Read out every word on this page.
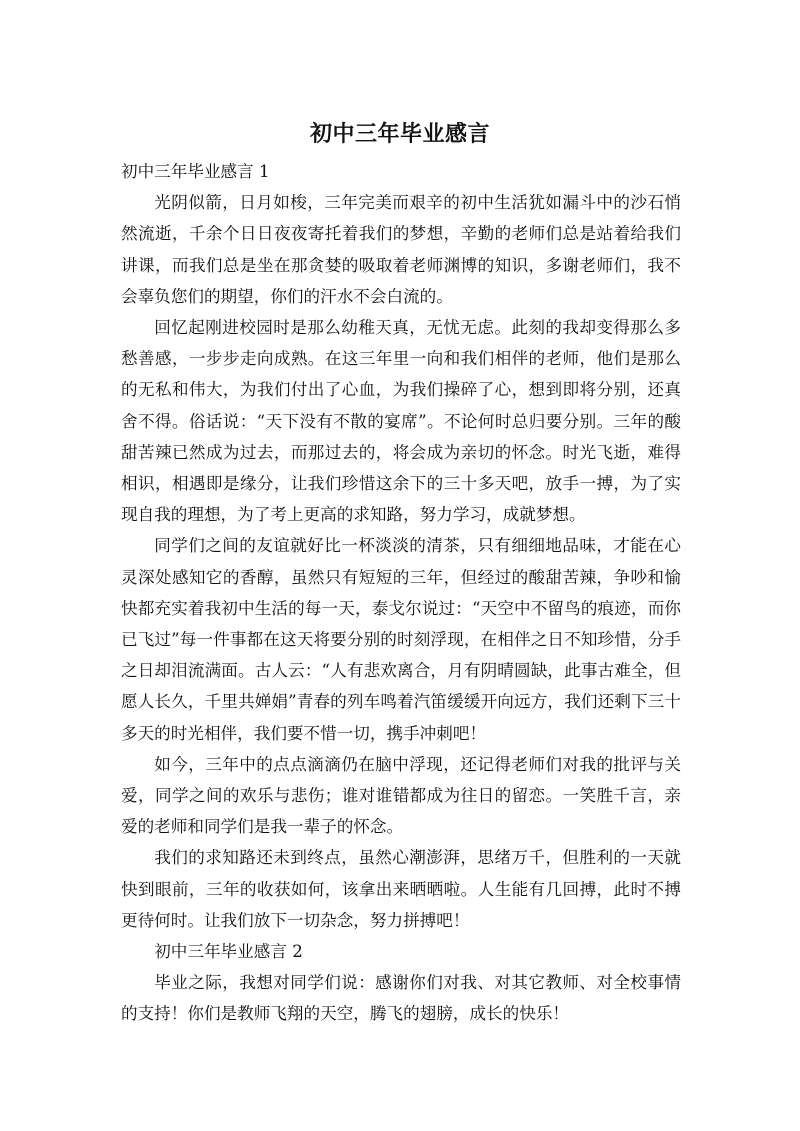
初中三年毕业感言

初中三年毕业感言 1

光阴似箭，日月如梭，三年完美而艰辛的初中生活犹如漏斗中的沙石悄然流逝，千余个日日夜夜寄托着我们的梦想，辛勤的老师们总是站着给我们讲课，而我们总是坐在那贪婪的吸取着老师渊博的知识，多谢老师们，我不会辜负您们的期望，你们的汗水不会白流的。

回忆起刚进校园时是那么幼稚天真，无忧无虑。此刻的我却变得那么多愁善感，一步步走向成熟。在这三年里一向和我们相伴的老师，他们是那么的无私和伟大，为我们付出了心血，为我们操碎了心，想到即将分别，还真舍不得。俗话说：“天下没有不散的宴席”。不论何时总归要分别。三年的酸甜苦辣已然成为过去，而那过去的，将会成为亲切的怀念。时光飞逝，难得相识，相遇即是缘分，让我们珍惜这余下的三十多天吧，放手一搏，为了实现自我的理想，为了考上更高的求知路，努力学习，成就梦想。

同学们之间的友谊就好比一杯淡淡的清茶，只有细细地品味，才能在心灵深处感知它的香醇，虽然只有短短的三年，但经过的酸甜苦辣，争吵和愉快都充实着我初中生活的每一天，泰戈尔说过：“天空中不留鸟的痕迹，而你已飞过”每一件事都在这天将要分别的时刻浮现，在相伴之日不知珍惜，分手之日却泪流满面。古人云：“人有悲欢离合，月有阴晴圆缺，此事古难全，但愿人长久，千里共婵娟”青春的列车鸣着汽笛缓缓开向远方，我们还剩下三十多天的时光相伴，我们要不惜一切，携手冲刺吧！

如今，三年中的点点滴滴仍在脑中浮现，还记得老师们对我的批评与关爱，同学之间的欢乐与悲伤；谁对谁错都成为往日的留恋。一笑胜千言，亲爱的老师和同学们是我一辈子的怀念。

我们的求知路还未到终点，虽然心潮澎湃，思绪万千，但胜利的一天就快到眼前，三年的收获如何，该拿出来晒晒啦。人生能有几回搏，此时不搏更待何时。让我们放下一切杂念，努力拼搏吧！

初中三年毕业感言 2

毕业之际，我想对同学们说：感谢你们对我、对其它教师、对全校事情的支持！你们是教师飞翔的天空，腾飞的翅膀，成长的快乐！
